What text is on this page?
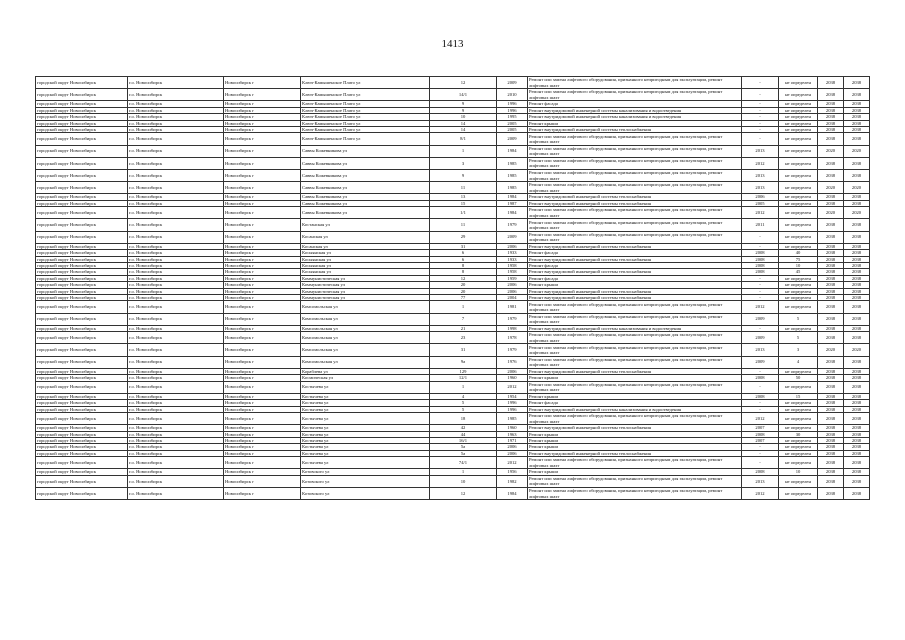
1413
городской округ Новосибирск	г.о. Новосибирск	Новосибирск г	Ключ-Камышенское Плато ул	12	2009	Ремонт или замена лифтового оборудования, признанного непригодным для эксплуатации, ремонт лифтовых шахт	-	не определен	2038	2038
городской округ Новосибирск	г.о. Новосибирск	Новосибирск г	Ключ-Камышенское Плато ул	14/1	2010	Ремонт или замена лифтового оборудования, признанного непригодным для эксплуатации, ремонт лифтовых шахт	-	не определен	2038	2038
городской округ Новосибирск	г.о. Новосибирск	Новосибирск г	Ключ-Камышенское Плато ул	9	1996	Ремонт фасада	-	не определен	2038	2038
городской округ Новосибирск	г.о. Новосибирск	Новосибирск г	Ключ-Камышенское Плато ул	9	1996	Ремонт внутридомовой инженерной системы канализования и водоотведения	-	не определен	2038	2038
городской округ Новосибирск	г.о. Новосибирск	Новосибирск г	Ключ-Камышенское Плато ул	10	1995	Ремонт внутридомовой инженерной системы канализования и водоотведения	-	не определен	2038	2038
городской округ Новосибирск	г.о. Новосибирск	Новосибирск г	Ключ-Камышенское Плато ул	14	2005	Ремонт крыши	-	не определен	2038	2038
городской округ Новосибирск	г.о. Новосибирск	Новосибирск г	Ключ-Камышенское Плато ул	14	2005	Ремонт внутридомовой инженерной системы теплоснабжения	-	не определен	2038	2038
городской округ Новосибирск	г.о. Новосибирск	Новосибирск г	Ключ-Камышенское Плато ул	8/1	2009	Ремонт или замена лифтового оборудования, признанного непригодным для эксплуатации, ремонт лифтовых шахт	-	не определен	2038	2038
городской округ Новосибирск	г.о. Новосибирск	Новосибирск г	Саввы Кожевникова ул	1	1984	Ремонт или замена лифтового оборудования, признанного непригодным для эксплуатации, ремонт лифтовых шахт	2013	не определен	2020	2020
городской округ Новосибирск	г.о. Новосибирск	Новосибирск г	Саввы Кожевникова ул	3	1985	Ремонт или замена лифтового оборудования, признанного непригодным для эксплуатации, ремонт лифтовых шахт	2012	не определен	2038	2038
городской округ Новосибирск	г.о. Новосибирск	Новосибирск г	Саввы Кожевникова ул	9	1985	Ремонт или замена лифтового оборудования, признанного непригодным для эксплуатации, ремонт лифтовых шахт	2013	не определен	2038	2038
городской округ Новосибирск	г.о. Новосибирск	Новосибирск г	Саввы Кожевникова ул	11	1985	Ремонт или замена лифтового оборудования, признанного непригодным для эксплуатации, ремонт лифтовых шахт	2013	не определен	2020	2020
городской округ Новосибирск	г.о. Новосибирск	Новосибирск г	Саввы Кожевникова ул	13	1984	Ремонт внутридомовой инженерной системы теплоснабжения	2006	не определен	2038	2038
городской округ Новосибирск	г.о. Новосибирск	Новосибирск г	Саввы Кожевникова ул	15	1987	Ремонт внутридомовой инженерной системы теплоснабжения	2005	не определен	2038	2038
городской округ Новосибирск	г.о. Новосибирск	Новосибирск г	Саввы Кожевникова ул	1/1	1984	Ремонт или замена лифтового оборудования, признанного непригодным для эксплуатации, ремонт лифтовых шахт	2012	не определен	2020	2020
городской округ Новосибирск	г.о. Новосибирск	Новосибирск г	Костанская ул	11	1979	Ремонт или замена лифтового оборудования, признанного непригодным для эксплуатации, ремонт лифтовых шахт	2011	не определен	2038	2038
городской округ Новосибирск	г.о. Новосибирск	Новосибирск г	Косанская ул	29	2009	Ремонт или замена лифтового оборудования, признанного непригодным для эксплуатации, ремонт лифтовых шахт	-	не определен	2038	2038
городской округ Новосибирск	г.о. Новосибирск	Новосибирск г	Косанская ул	31	2006	Ремонт внутридомовой инженерной системы теплоснабжения	-	не определен	2038	2038
городской округ Новосибирск	г.о. Новосибирск	Новосибирск г	Косыянская ул	6	1933	Ремонт фасада	2008	40	2038	2038
городской округ Новосибирск	г.о. Новосибирск	Новосибирск г	Косыянская ул	6	1933	Ремонт внутридомовой инженерной системы теплоснабжения	2008	75	2038	2038
городской округ Новосибирск	г.о. Новосибирск	Новосибирск г	Косыянская ул	8	1958	Ремонт фасада	2008	10	2038	2038
городской округ Новосибирск	г.о. Новосибирск	Новосибирск г	Косыянская ул	8	1958	Ремонт внутридомовой инженерной системы теплоснабжения	2008	45	2038	2038
городской округ Новосибирск	г.о. Новосибирск	Новосибирск г	Коммунистическая ул	12	1959	Ремонт фасада	-	не определен	2038	2038
городской округ Новосибирск	г.о. Новосибирск	Новосибирск г	Коммунистическая ул	20	2006	Ремонт крыши	-	не определен	2038	2038
городской округ Новосибирск	г.о. Новосибирск	Новосибирск г	Коммунистическая ул	20	2006	Ремонт внутридомовой инженерной системы теплоснабжения	-	не определен	2038	2038
городской округ Новосибирск	г.о. Новосибирск	Новосибирск г	Коммунистическая ул	77	2004	Ремонт внутридомовой инженерной системы теплоснабжения	-	не определен	2038	2038
городской округ Новосибирск	г.о. Новосибирск	Новосибирск г	Комсомольская ул	1	1981	Ремонт или замена лифтового оборудования, признанного непригодным для эксплуатации, ремонт лифтовых шахт	2012	не определен	2038	2038
городской округ Новосибирск	г.о. Новосибирск	Новосибирск г	Комсомольская ул	7	1979	Ремонт или замена лифтового оборудования, признанного непригодным для эксплуатации, ремонт лифтовых шахт	2009	5	2038	2038
городской округ Новосибирск	г.о. Новосибирск	Новосибирск г	Комсомольская ул	21	1998	Ремонт внутридомовой инженерной системы канализования и водоотведения	-	не определен	2038	2038
городской округ Новосибирск	г.о. Новосибирск	Новосибирск г	Комсомольская ул	23	1978	Ремонт или замена лифтового оборудования, признанного непригодным для эксплуатации, ремонт лифтовых шахт	2009	5	2038	2038
городской округ Новосибирск	г.о. Новосибирск	Новосибирск г	Комсомольская ул	31	1979	Ремонт или замена лифтового оборудования, признанного непригодным для эксплуатации, ремонт лифтовых шахт	2013	3	2020	2020
городской округ Новосибирск	г.о. Новосибирск	Новосибирск г	Комсомольская ул	9а	1976	Ремонт или замена лифтового оборудования, признанного непригодным для эксплуатации, ремонт лифтовых шахт	2009	4	2038	2038
городской округ Новосибирск	г.о. Новосибирск	Новосибирск г	Кораблева ул	129	2006	Ремонт внутридомовой инженерной системы теплоснабжения	-	не определен	2038	2038
городской округ Новосибирск	г.о. Новосибирск	Новосибирск г	Космическая ул	12/1	1960	Ремонт крыши	2008	50	2038	2038
городской округ Новосибирск	г.о. Новосибирск	Новосибирск г	Костычева ул	1	2012	Ремонт или замена лифтового оборудования, признанного непригодным для эксплуатации, ремонт лифтовых шахт	-	не определен	2038	2038
городской округ Новосибирск	г.о. Новосибирск	Новосибирск г	Костычева ул	4	1954	Ремонт крыши	2008	15	2038	2038
городской округ Новосибирск	г.о. Новосибирск	Новосибирск г	Костычева ул	5	1996	Ремонт фасада	-	не определен	2038	2038
городской округ Новосибирск	г.о. Новосибирск	Новосибирск г	Костычева ул	5	1996	Ремонт внутридомовой инженерной системы канализования и водоотведения	-	не определен	2038	2038
городской округ Новосибирск	г.о. Новосибирск	Новосибирск г	Костычева ул	18	1985	Ремонт или замена лифтового оборудования, признанного непригодным для эксплуатации, ремонт лифтовых шахт	2012	не определен	2038	2038
городской округ Новосибирск	г.о. Новосибирск	Новосибирск г	Костычева ул	42	1960	Ремонт внутридомовой инженерной системы теплоснабжения	2007	не определен	2038	2038
городской округ Новосибирск	г.о. Новосибирск	Новосибирск г	Костычева ул	44	1963	Ремонт крыши	2008	30	2038	2038
городской округ Новосибирск	г.о. Новосибирск	Новосибирск г	Костычева ул	16/1	1971	Ремонт крыши	2007	не определен	2038	2038
городской округ Новосибирск	г.о. Новосибирск	Новосибирск г	Костычева ул	5а	2006	Ремонт крыши	-	не определен	2038	2038
городской округ Новосибирск	г.о. Новосибирск	Новосибирск г	Костычева ул	5а	2006	Ремонт внутридомовой инженерной системы теплоснабжения	-	не определен	2038	2038
городской округ Новосибирск	г.о. Новосибирск	Новосибирск г	Костычева ул	74/1	2012	Ремонт или замена лифтового оборудования, признанного непригодным для эксплуатации, ремонт лифтовых шахт	-	не определен	2038	2038
городской округ Новосибирск	г.о. Новосибирск	Новосибирск г	Котовского ул	1	1956	Ремонт крыши	2008	10	2038	2038
городской округ Новосибирск	г.о. Новосибирск	Новосибирск г	Котовского ул	10	1982	Ремонт или замена лифтового оборудования, признанного непригодным для эксплуатации, ремонт лифтовых шахт	2013	не определен	2038	2038
городской округ Новосибирск	г.о. Новосибирск	Новосибирск г	Котовского ул	12	1984	Ремонт или замена лифтового оборудования, признанного непригодным для эксплуатации, ремонт лифтовых шахт	2012	не определен	2038	2038
